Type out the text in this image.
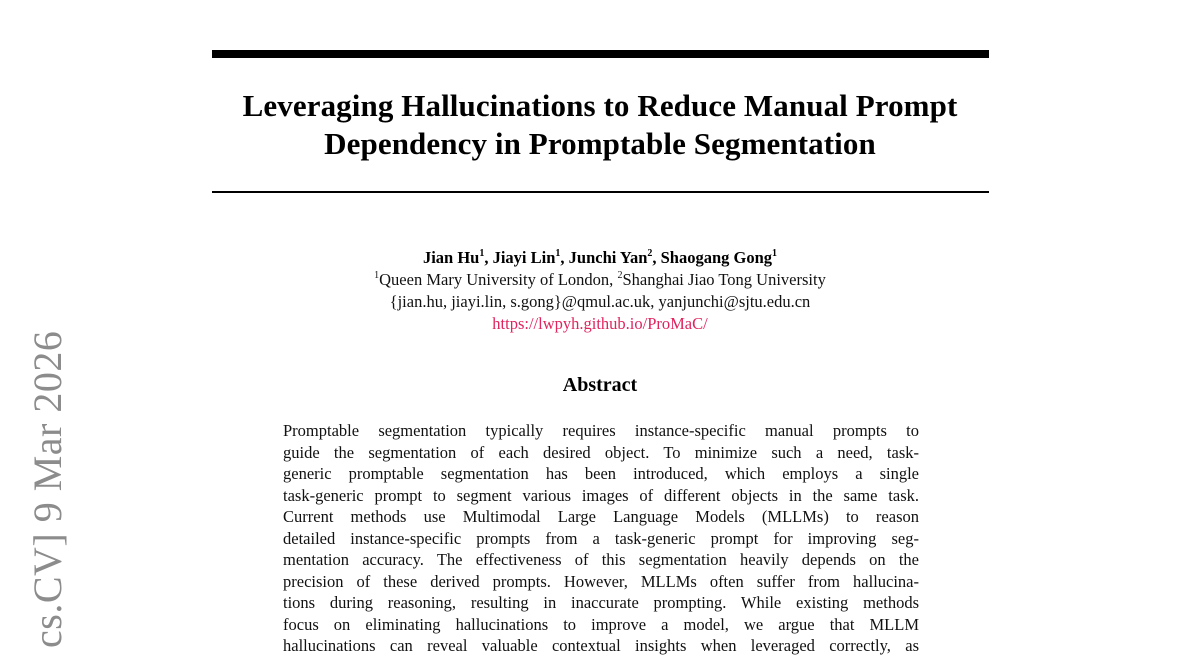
Leveraging Hallucinations to Reduce Manual Prompt
Dependency in Promptable Segmentation
Jian Hu$^1$, Jiayi Lin$^1$, Junchi Yan$^2$, Shaogang Gong$^1$
$^1$Queen Mary University of London, $^2$Shanghai Jiao Tong University
{jian.hu, jiayi.lin, s.gong}@qmul.ac.uk, yanjunchi@sjtu.edu.cn
https://lwpyh.github.io/ProMaC/
Abstract
Promptable segmentation typically requires instance-specific manual prompts to
guide the segmentation of each desired object. To minimize such a need, task-
generic promptable segmentation has been introduced, which employs a single
task-generic prompt to segment various images of different objects in the same task.
Current methods use Multimodal Large Language Models (MLLMs) to reason
detailed instance-specific prompts from a task-generic prompt for improving seg-
mentation accuracy. The effectiveness of this segmentation heavily depends on the
precision of these derived prompts. However, MLLMs often suffer from hallucina-
tions during reasoning, resulting in inaccurate prompting. While existing methods
focus on eliminating hallucinations to improve a model, we argue that MLLM
hallucinations can reveal valuable contextual insights when leveraged correctly, as
cs.CV] 9 Mar 2026
